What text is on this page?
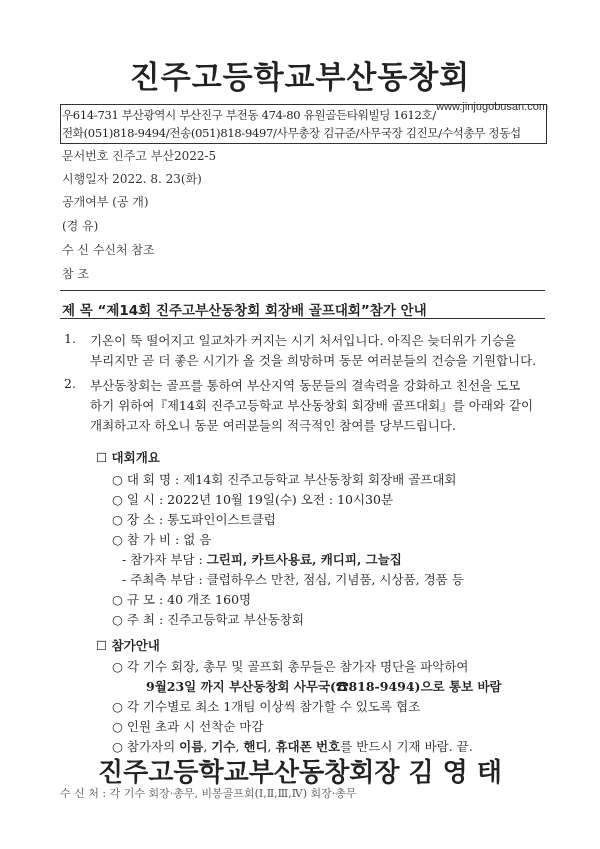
진주고등학교부산동창회
www.jinjugobusan.com
우614-731 부산광역시 부산진구 부전동 474-80 유원골든타워빌딩 1612호/
전화(051)818-9494/전송(051)818-9497/사무총장 김규준/사무국장 김진모/수석총무 정동섭
문서번호 진주고 부산2022-5
시행일자 2022. 8. 23(화)
공개여부 (공 개)
(경 유)
수 신 수신처 참조
참 조
제 목 “제14회 진주고부산동창회 회장배 골프대회”참가 안내
1. 기온이 뚝 떨어지고 일교차가 커지는 시기 처서입니다. 아직은 늦더위가 기승을
부리지만 곧 더 좋은 시기가 올 것을 희망하며 동문 여러분들의 건승을 기원합니다.
2. 부산동창회는 골프를 통하여 부산지역 동문들의 결속력을 강화하고 친선을 도모
하기 위하여『제14회 진주고등학교 부산동창회 회장배 골프대회』를 아래와 같이
개최하고자 하오니 동문 여러분들의 적극적인 참여를 당부드립니다.
☐ 대회개요
○ 대 회 명 : 제14회 진주고등학교 부산동창회 회장배 골프대회
○ 일 시 : 2022년 10월 19일(수) 오전 : 10시30분
○ 장 소 : 통도파인이스트클럽
○ 참 가 비 : 없 음
- 참가자 부담 : 그린피, 카트사용료, 캐디피, 그늘집
- 주최측 부담 : 클럽하우스 만찬, 점심, 기념품, 시상품, 경품 등
○ 규 모 : 40 개조 160명
○ 주 최 : 진주고등학교 부산동창회
☐ 참가안내
○ 각 기수 회장, 총무 및 골프회 총무들은 참가자 명단을 파악하여
9월23일 까지 부산동창회 사무국(☎818-9494)으로 통보 바람
○ 각 기수별로 최소 1개팀 이상씩 참가할 수 있도록 협조
○ 인원 초과 시 선착순 마감
○ 참가자의 이름, 기수, 핸디, 휴대폰 번호를 반드시 기재 바람. 끝.
진주고등학교부산동창회장 김 영 태
수 신 처 : 각 기수 회장·총무, 비봉골프회(Ⅰ,Ⅱ,Ⅲ,Ⅳ) 회장·총무
